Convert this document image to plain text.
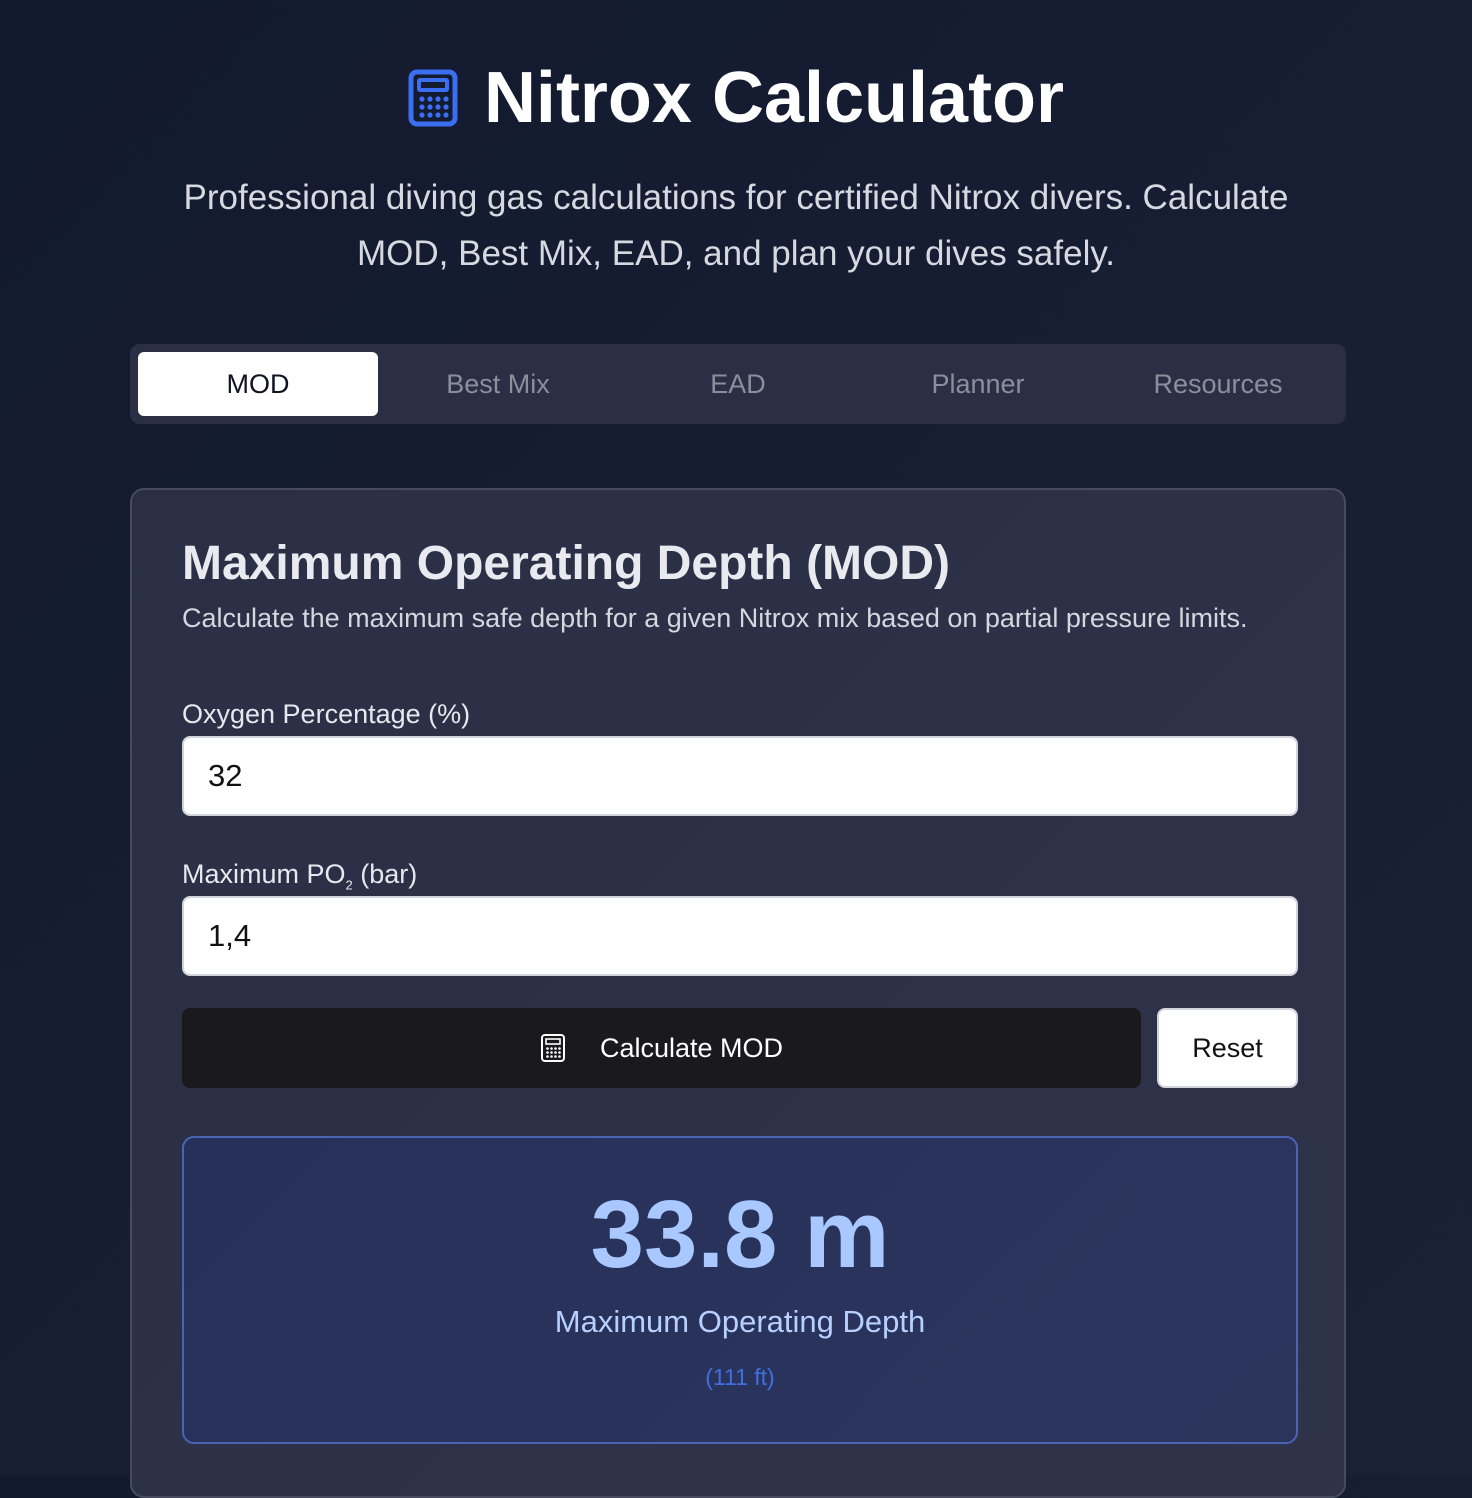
Nitrox Calculator
Professional diving gas calculations for certified Nitrox divers. Calculate MOD, Best Mix, EAD, and plan your dives safely.
MOD	Best Mix	EAD	Planner	Resources
Maximum Operating Depth (MOD)
Calculate the maximum safe depth for a given Nitrox mix based on partial pressure limits.
Oxygen Percentage (%)
32
Maximum $PO_2$ (bar)
1,4
Calculate MOD	Reset
33.8 m
Maximum Operating Depth
(111 ft)
